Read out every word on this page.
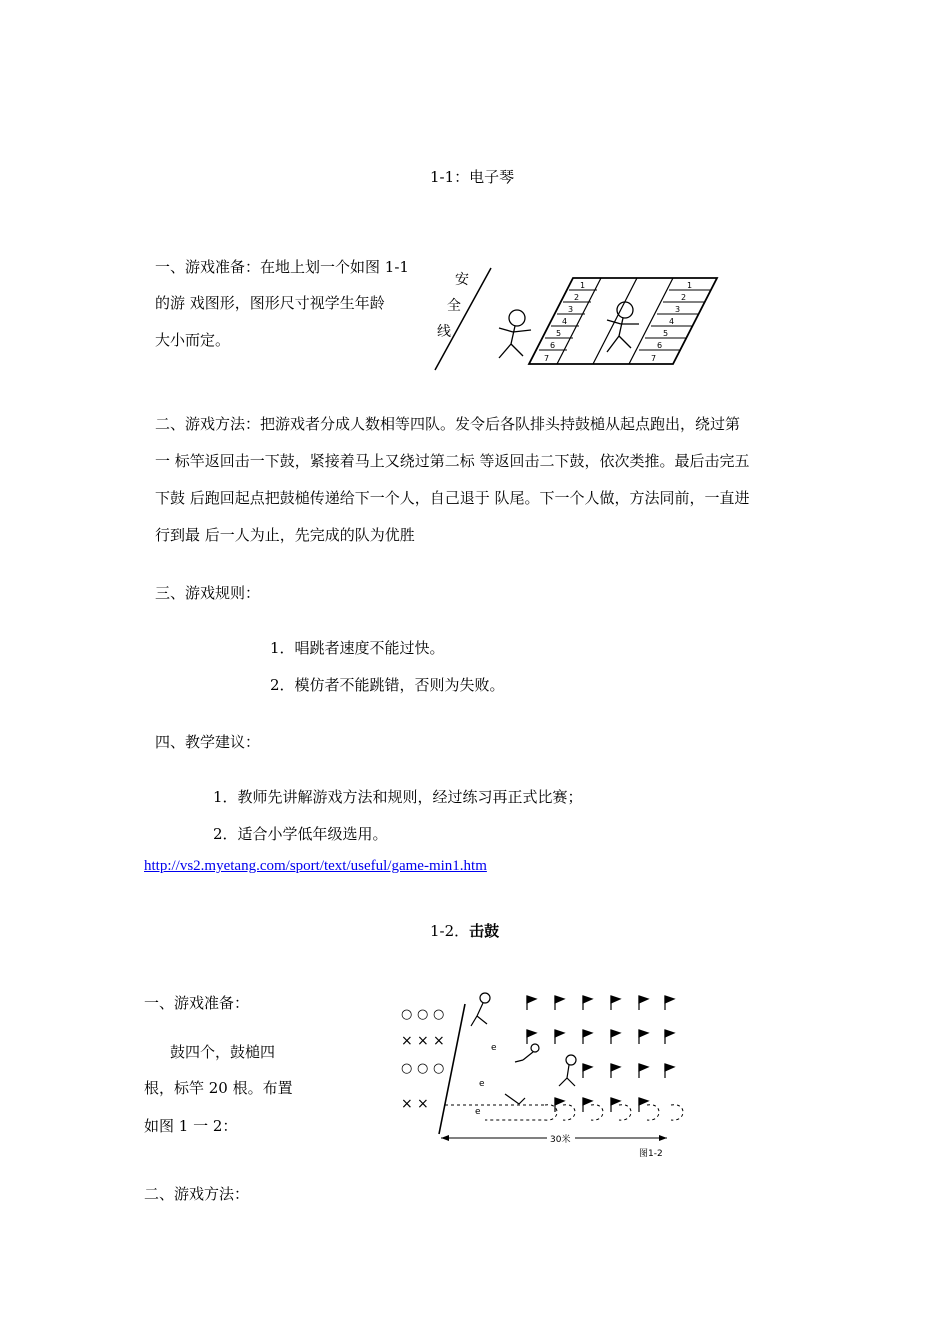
1-1：电子琴
一、游戏准备：在地上划一个如图 1-1
的游 戏图形，图形尺寸视学生年龄
大小而定。
安
全
线
1
2
3
4
5
6
7
1
2
3
4
5
6
7
二、游戏方法：把游戏者分成人数相等四队。发令后各队排头持鼓槌从起点跑出，绕过第
一 标竿返回击一下鼓，紧接着马上又绕过第二标 等返回击二下鼓，依次类推。最后击完五
下鼓 后跑回起点把鼓槌传递给下一个人，自己退于 队尾。下一个人做，方法同前，一直进
行到最 后一人为止，先完成的队为优胜
三、游戏规则：
1．唱跳者速度不能过快。
2．模仿者不能跳错，否则为失败。
四、教学建议：
1．教师先讲解游戏方法和规则，经过练习再正式比赛；
2．适合小学低年级选用。
http://vs2.myetang.com/sport/text/useful/game-min1.htm
1-2．击鼓
一、游戏准备：
鼓四个，鼓槌四
根，标竿 20 根。布置
如图 1 一 2：
○ ○ ○
○ ○ ○
× × ×
× ×
e
e
e
30米
图1-2
二、游戏方法：
